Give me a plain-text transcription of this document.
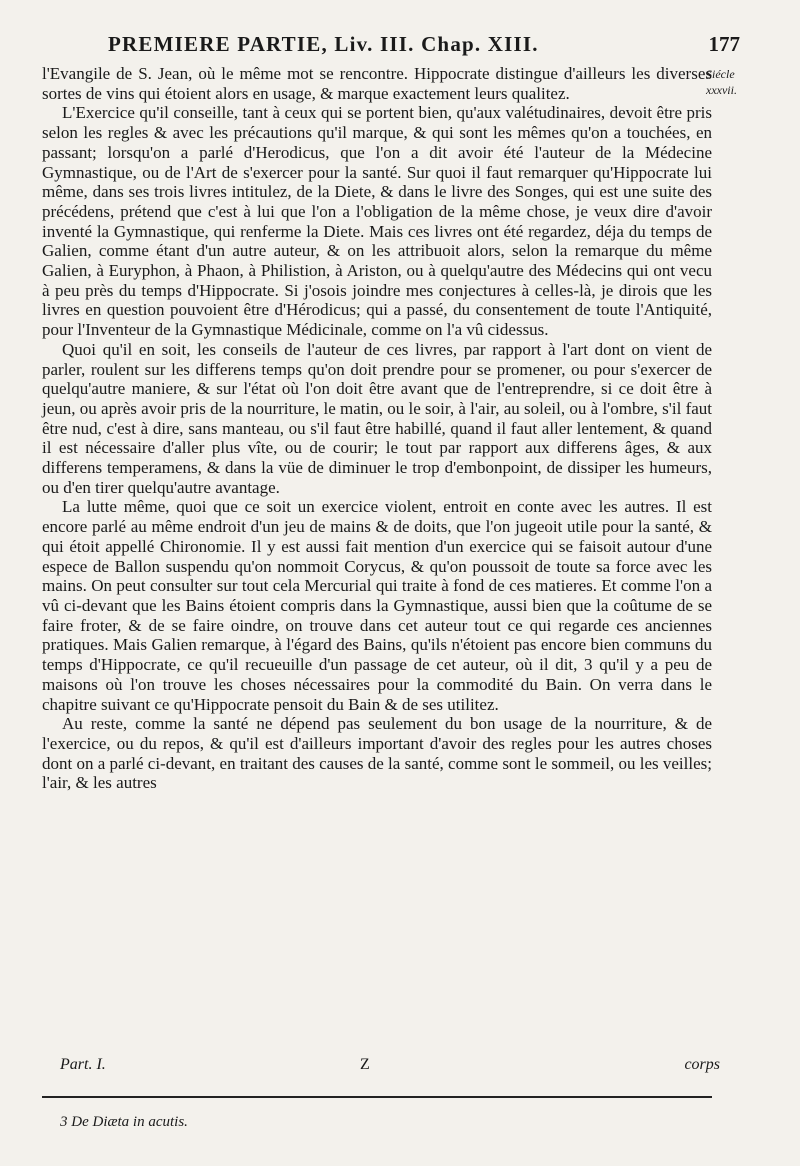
PREMIERE PARTIE, Liv. III. Chap. XIII.	177
Siécle
xxxvii.

l'Evangile de S. Jean, où le même mot se rencontre. Hippocrate distingue d'ailleurs les diverses sortes de vins qui étoient alors en usage, & marque exactement leurs qualitez.

L'Exercice qu'il conseille, tant à ceux qui se portent bien, qu'aux valétudinaires, devoit être pris selon les regles & avec les précautions qu'il marque, & qui sont les mêmes qu'on a touchées, en passant; lorsqu'on a parlé d'Herodicus, que l'on a dit avoir été l'auteur de la Médecine Gymnastique, ou de l'Art de s'exercer pour la santé. Sur quoi il faut remarquer qu'Hippocrate lui même, dans ses trois livres intitulez, de la Diete, & dans le livre des Songes, qui est une suite des précédens, prétend que c'est à lui que l'on a l'obligation de la même chose, je veux dire d'avoir inventé la Gymnastique, qui renferme la Diete. Mais ces livres ont été regardez, déja du temps de Galien, comme étant d'un autre auteur, & on les attribuoit alors, selon la remarque du même Galien, à Euryphon, à Phaon, à Philistion, à Ariston, ou à quelqu'autre des Médecins qui ont vecu à peu près du temps d'Hippocrate. Si j'osois joindre mes conjectures à celles-là, je dirois que les livres en question pouvoient être d'Hérodicus; qui a passé, du consentement de toute l'Antiquité, pour l'Inventeur de la Gymnastique Médicinale, comme on l'a vû cidessus.

Quoi qu'il en soit, les conseils de l'auteur de ces livres, par rapport à l'art dont on vient de parler, roulent sur les differens temps qu'on doit prendre pour se promener, ou pour s'exercer de quelqu'autre maniere, & sur l'état où l'on doit être avant que de l'entreprendre, si ce doit être à jeun, ou après avoir pris de la nourriture, le matin, ou le soir, à l'air, au soleil, ou à l'ombre, s'il faut être nud, c'est à dire, sans manteau, ou s'il faut être habillé, quand il faut aller lentement, & quand il est nécessaire d'aller plus vîte, ou de courir; le tout par rapport aux differens âges, & aux differens temperamens, & dans la vüe de diminuer le trop d'embonpoint, de dissiper les humeurs, ou d'en tirer quelqu'autre avantage.

La lutte même, quoi que ce soit un exercice violent, entroit en conte avec les autres. Il est encore parlé au même endroit d'un jeu de mains & de doits, que l'on jugeoit utile pour la santé, & qui étoit appellé Chironomie. Il y est aussi fait mention d'un exercice qui se faisoit autour d'une espece de Ballon suspendu qu'on nommoit Corycus, & qu'on poussoit de toute sa force avec les mains. On peut consulter sur tout cela Mercurial qui traite à fond de ces matieres. Et comme l'on a vû ci-devant que les Bains étoient compris dans la Gymnastique, aussi bien que la coûtume de se faire froter, & de se faire oindre, on trouve dans cet auteur tout ce qui regarde ces anciennes pratiques. Mais Galien remarque, à l'égard des Bains, qu'ils n'étoient pas encore bien communs du temps d'Hippocrate, ce qu'il recueuille d'un passage de cet auteur, où il dit, 3 qu'il y a peu de maisons où l'on trouve les choses nécessaires pour la commodité du Bain. On verra dans le chapitre suivant ce qu'Hippocrate pensoit du Bain & de ses utilitez.

Au reste, comme la santé ne dépend pas seulement du bon usage de la nourriture, & de l'exercice, ou du repos, & qu'il est d'ailleurs important d'avoir des regles pour les autres choses dont on a parlé ci-devant, en traitant des causes de la santé, comme sont le sommeil, ou les veilles; l'air, & les autres

Part. I.	Z	corps
3 De Diæta in acutis.
